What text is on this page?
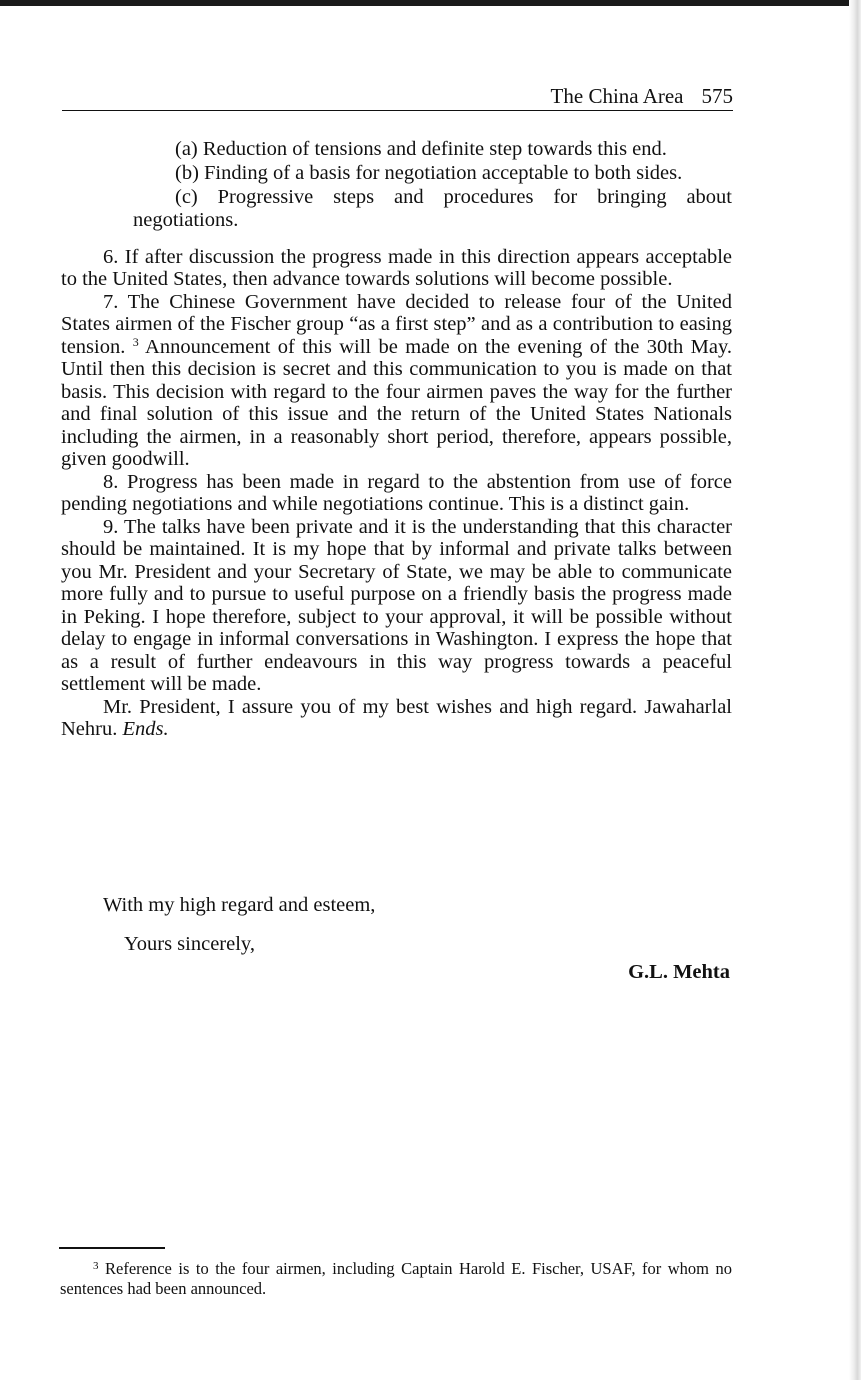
The China Area 575

(a) Reduction of tensions and definite step towards this end.

(b) Finding of a basis for negotiation acceptable to both sides.

(c) Progressive steps and procedures for bringing about negotiations.

6. If after discussion the progress made in this direction appears acceptable to the United States, then advance towards solutions will become possible.

7. The Chinese Government have decided to release four of the United States airmen of the Fischer group “as a first step” and as a contribution to easing tension. $^3$ Announcement of this will be made on the evening of the 30th May. Until then this decision is secret and this communication to you is made on that basis. This decision with regard to the four airmen paves the way for the further and final solution of this issue and the return of the United States Nationals including the airmen, in a reasonably short period, therefore, appears possible, given goodwill.

8. Progress has been made in regard to the abstention from use of force pending negotiations and while negotiations continue. This is a distinct gain.

9. The talks have been private and it is the understanding that this character should be maintained. It is my hope that by informal and private talks between you Mr. President and your Secretary of State, we may be able to communicate more fully and to pursue to useful purpose on a friendly basis the progress made in Peking. I hope therefore, subject to your approval, it will be possible without delay to engage in informal conversations in Washington. I express the hope that as a result of further endeavours in this way progress towards a peaceful settlement will be made.

Mr. President, I assure you of my best wishes and high regard. Jawaharlal Nehru. Ends.

With my high regard and esteem,
Yours sincerely,
G.L. Mehta
$^3$ Reference is to the four airmen, including Captain Harold E. Fischer, USAF, for whom no sentences had been announced.
